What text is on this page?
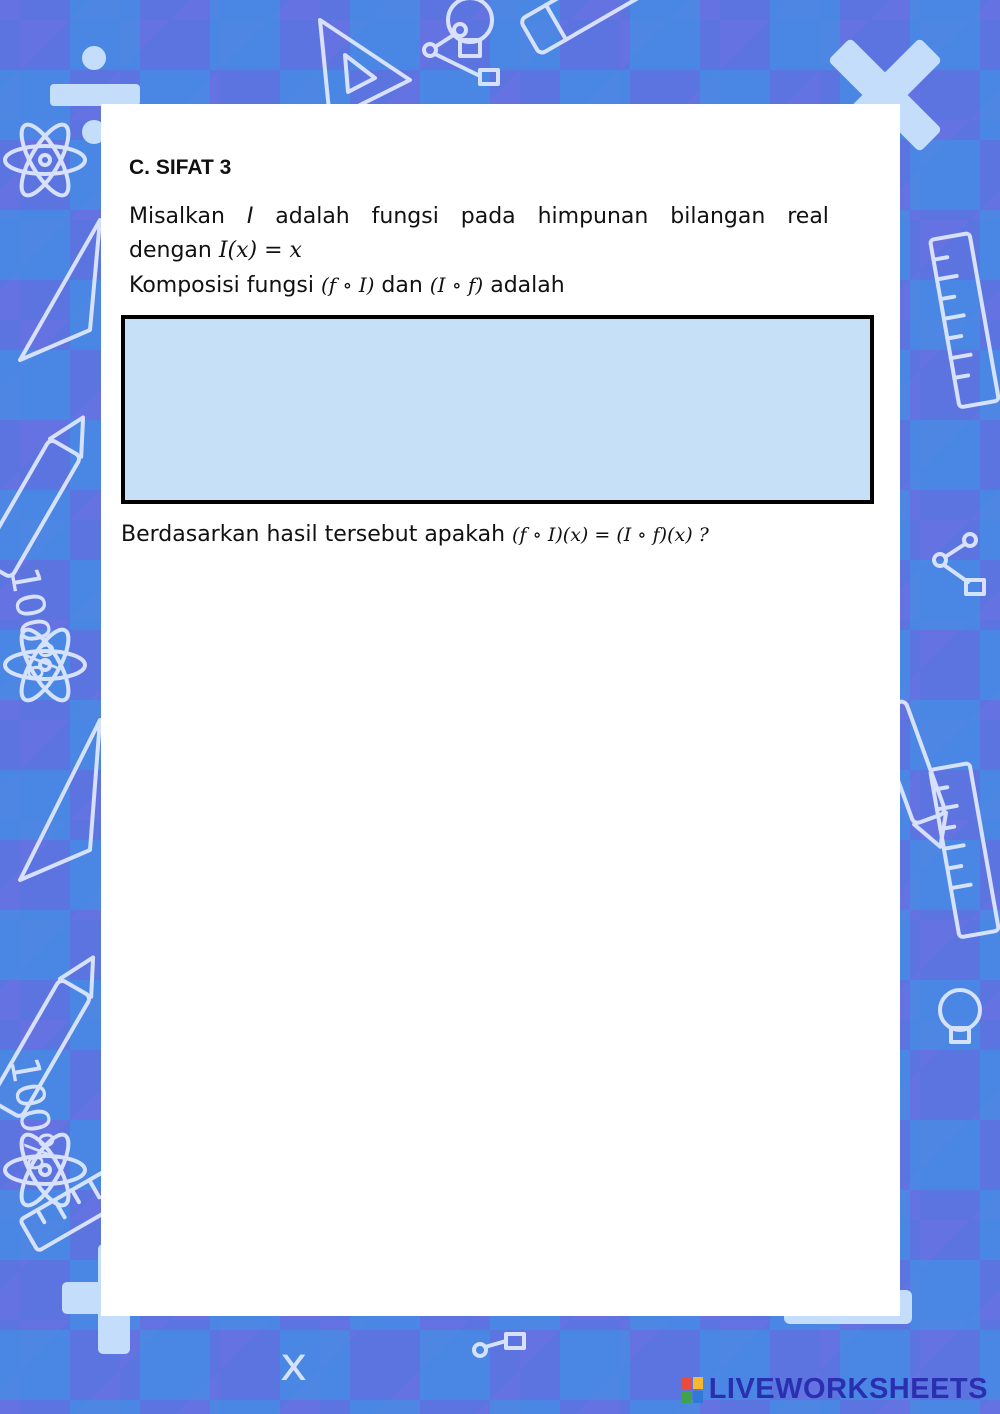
100%
100%
x
C. SIFAT 3
Misalkan I adalah fungsi pada himpunan bilangan real
dengan I(x) = x
Komposisi fungsi (f ∘ I) dan (I ∘ f) adalah
Berdasarkan hasil tersebut apakah (f ∘ I)(x) = (I ∘ f)(x) ?
LIVEWORKSHEETS
